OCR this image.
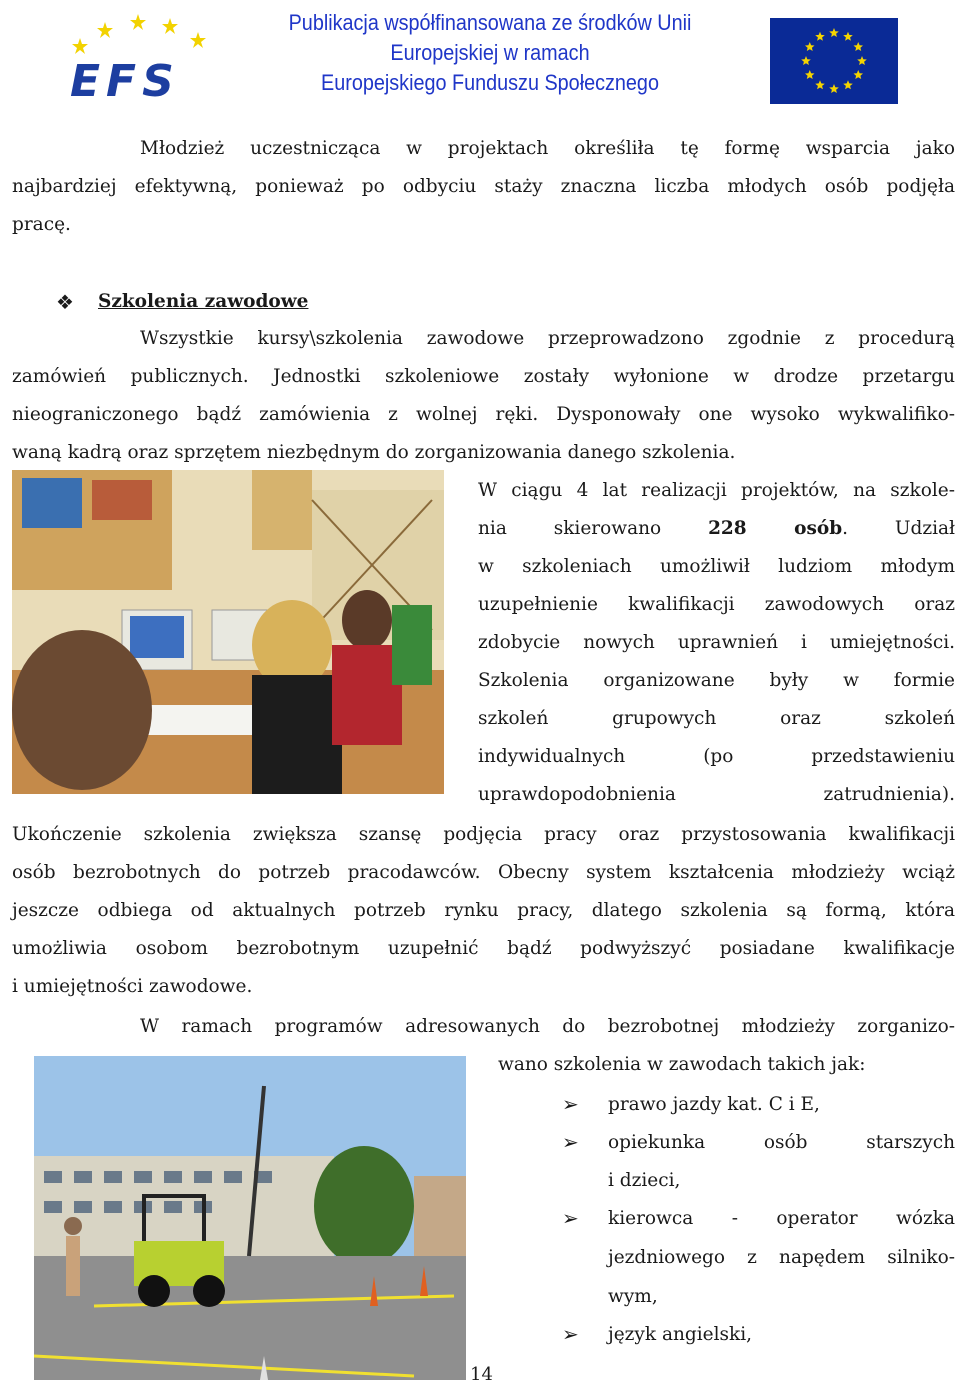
EFS
Publikacja współfinansowana ze środków Unii
Europejskiej w ramach
Europejskiego Funduszu Społecznego
Młodzież uczestnicząca w projektach określiła tę formę wsparcia jako
najbardziej efektywną, ponieważ po odbyciu staży znaczna liczba młodych osób podjęła
pracę.
❖ Szkolenia zawodowe
Wszystkie kursy\szkolenia zawodowe przeprowadzono zgodnie z procedurą
zamówień publicznych. Jednostki szkoleniowe zostały wyłonione w drodze przetargu
nieograniczonego bądź zamówienia z wolnej ręki. Dysponowały one wysoko wykwalifiko-
waną kadrą oraz sprzętem niezbędnym do zorganizowania danego szkolenia.
W ciągu 4 lat realizacji projektów, na szkole-
nia skierowano 228 osób. Udział
w szkoleniach umożliwił ludziom młodym
uzupełnienie kwalifikacji zawodowych oraz
zdobycie nowych uprawnień i umiejętności.
Szkolenia organizowane były w formie
szkoleń grupowych oraz szkoleń
indywidualnych (po przedstawieniu
uprawdopodobnienia zatrudnienia).
Ukończenie szkolenia zwiększa szansę podjęcia pracy oraz przystosowania kwalifikacji
osób bezrobotnych do potrzeb pracodawców. Obecny system kształcenia młodzieży wciąż
jeszcze odbiega od aktualnych potrzeb rynku pracy, dlatego szkolenia są formą, która
umożliwia osobom bezrobotnym uzupełnić bądź podwyższyć posiadane kwalifikacje
i umiejętności zawodowe.
W ramach programów adresowanych do bezrobotnej młodzieży zorganizo-
wano szkolenia w zawodach takich jak:
➢ prawo jazdy kat. C i E,
➢ opiekunka osób starszych
i dzieci,
➢ kierowca - operator wózka
jezdniowego z napędem silniko-
wym,
➢ język angielski,
14
